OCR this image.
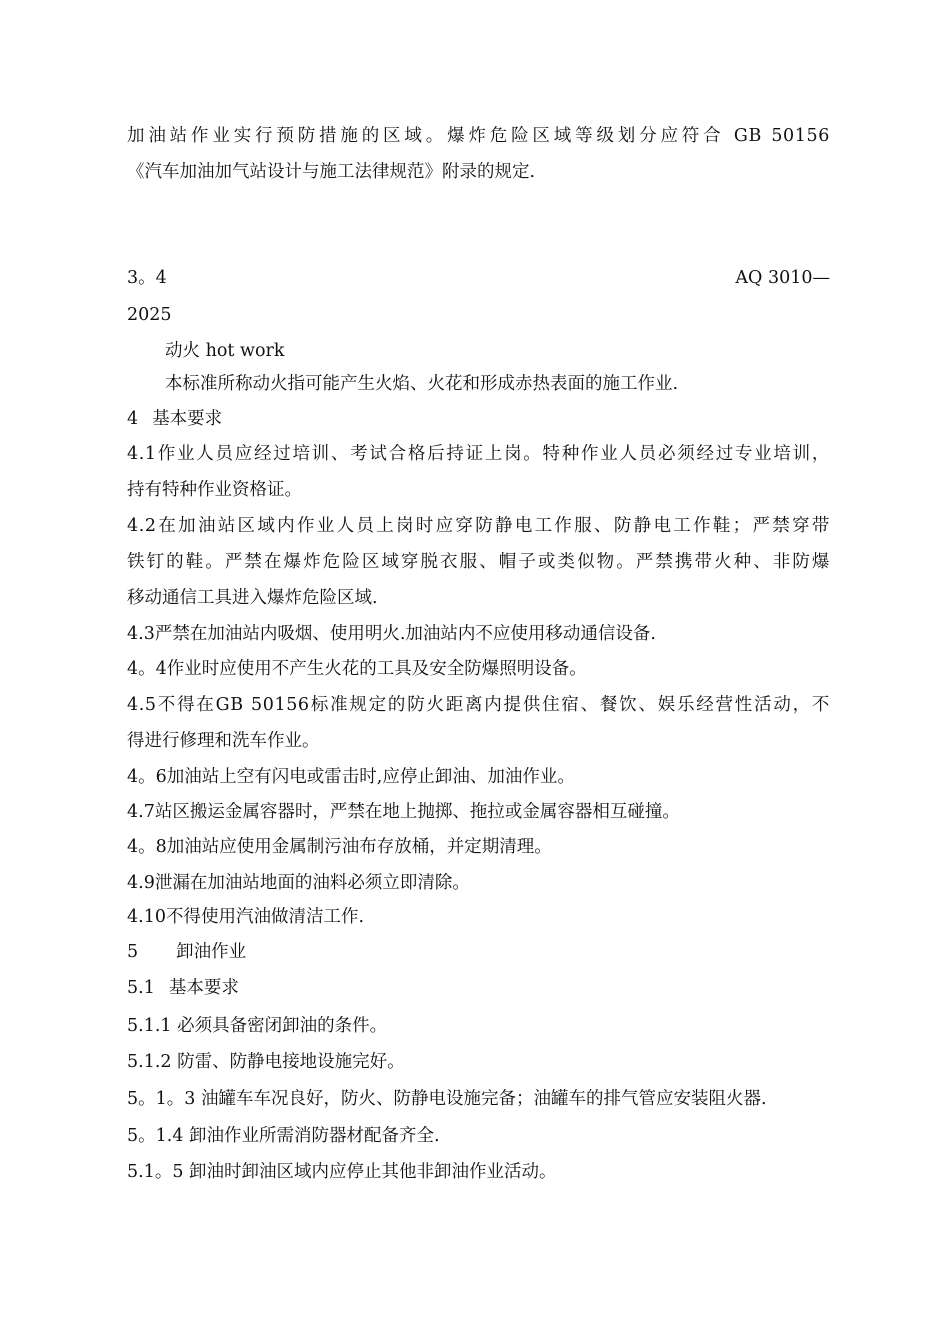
加油站作业实行预防措施的区域。爆炸危险区域等级划分应符合 GB 50156
《汽车加油加气站设计与施工法律规范》附录的规定.
3。4	AQ 3010—
2025
动火 hot work
本标准所称动火指可能产生火焰、火花和形成赤热表面的施工作业.
4 基本要求
4.1作业人员应经过培训、考试合格后持证上岗。特种作业人员必须经过专业培训，
持有特种作业资格证。
4.2在加油站区域内作业人员上岗时应穿防静电工作服、防静电工作鞋；严禁穿带
铁钉的鞋。严禁在爆炸危险区域穿脱衣服、帽子或类似物。严禁携带火种、非防爆
移动通信工具进入爆炸危险区域.
4.3严禁在加油站内吸烟、使用明火.加油站内不应使用移动通信设备.
4。4作业时应使用不产生火花的工具及安全防爆照明设备。
4.5不得在GB 50156标准规定的防火距离内提供住宿、餐饮、娱乐经营性活动，不
得进行修理和洗车作业。
4。6加油站上空有闪电或雷击时,应停止卸油、加油作业。
4.7站区搬运金属容器时，严禁在地上抛掷、拖拉或金属容器相互碰撞。
4。8加油站应使用金属制污油布存放桶，并定期清理。
4.9泄漏在加油站地面的油料必须立即清除。
4.10不得使用汽油做清洁工作.
5 卸油作业
5.1 基本要求
5.1.1 必须具备密闭卸油的条件。
5.1.2 防雷、防静电接地设施完好。
5。1。3 油罐车车况良好，防火、防静电设施完备；油罐车的排气管应安装阻火器.
5。1.4 卸油作业所需消防器材配备齐全.
5.1。5 卸油时卸油区域内应停止其他非卸油作业活动。
